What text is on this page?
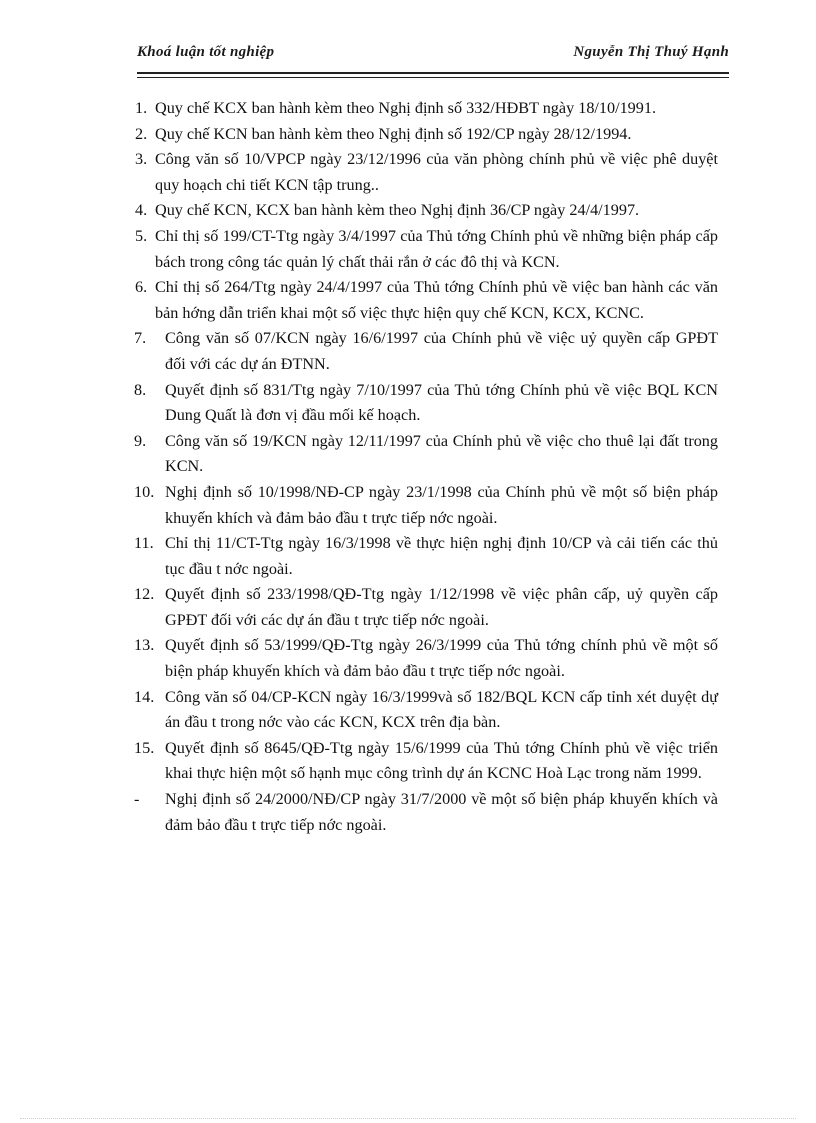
Khoá luận tốt nghiệp	Nguyễn Thị Thuý Hạnh
1. Quy chế KCX ban hành kèm theo Nghị định số 332/HĐBT ngày 18/10/1991.
2. Quy chế KCN ban hành kèm theo Nghị định số 192/CP ngày 28/12/1994.
3. Công văn số 10/VPCP ngày 23/12/1996 của văn phòng chính phủ về việc phê duyệt quy hoạch chi tiết KCN tập trung..
4. Quy chế KCN, KCX ban hành kèm theo Nghị định 36/CP ngày 24/4/1997.
5. Chỉ thị số 199/CT-Ttg ngày 3/4/1997 của Thủ tớng Chính phủ về những biện pháp cấp bách trong công tác quản lý chất thải rắn ở các đô thị và KCN.
6. Chỉ thị số 264/Ttg ngày 24/4/1997 của Thủ tớng Chính phủ về việc ban hành các văn bản hớng dẫn triển khai một số việc thực hiện quy chế KCN, KCX, KCNC.
7.	Công văn số 07/KCN ngày 16/6/1997 của Chính phủ về việc uỷ quyền cấp GPĐT đối với các dự án ĐTNN.
8.	Quyết định số 831/Ttg ngày 7/10/1997 của Thủ tớng Chính phủ về việc BQL KCN Dung Quất là đơn vị đầu mối kế hoạch.
9.	Công văn số 19/KCN ngày 12/11/1997 của Chính phủ về việc cho thuê lại đất trong KCN.
10. Nghị định số 10/1998/NĐ-CP ngày 23/1/1998 của Chính phủ về một số biện pháp khuyến khích và đảm bảo đầu t trực tiếp nớc ngoài.
11. Chỉ thị 11/CT-Ttg ngày 16/3/1998 về thực hiện nghị định 10/CP và cải tiến các thủ tục đầu t nớc ngoài.
12. Quyết định số 233/1998/QĐ-Ttg ngày 1/12/1998 về việc phân cấp, uỷ quyền cấp GPĐT đối với các dự án đầu t trực tiếp nớc ngoài.
13. Quyết định số 53/1999/QĐ-Ttg ngày 26/3/1999 của Thủ tớng chính phủ về một số biện pháp khuyến khích và đảm bảo đầu t trực tiếp nớc ngoài.
14. Công văn số 04/CP-KCN ngày 16/3/1999và số 182/BQL KCN cấp tỉnh xét duyệt dự án đầu t trong nớc vào các KCN, KCX trên địa bàn.
15. Quyết định số 8645/QĐ-Ttg ngày 15/6/1999 của Thủ tớng Chính phủ về việc triển khai thực hiện một số hạnh mục công trình dự án KCNC Hoà Lạc trong năm 1999.
-	Nghị định số 24/2000/NĐ/CP ngày 31/7/2000 về một số biện pháp khuyến khích và đảm bảo đầu t trực tiếp nớc ngoài.
